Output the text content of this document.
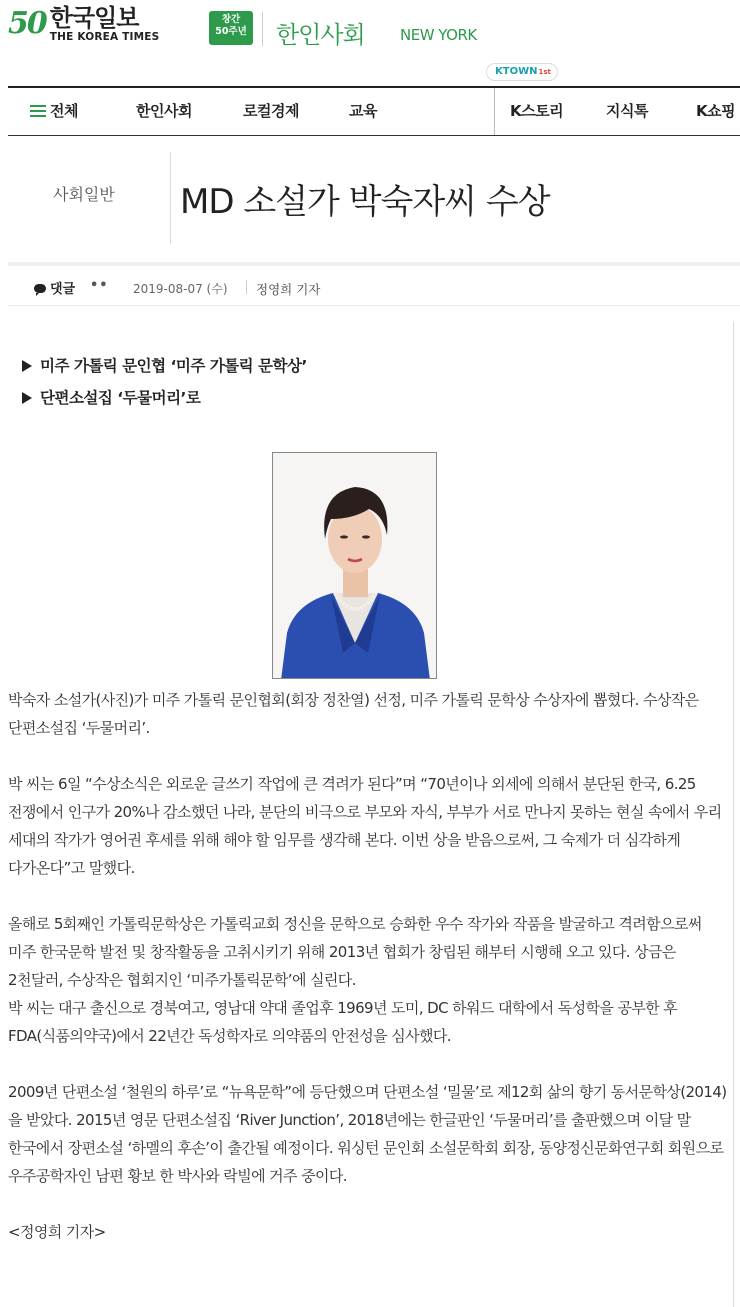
50 한국일보
THE KOREA TIMES
창간
50주년 한인사회 NEW YORK
KTOWN1st
전체	한인사회	로컬경제	교육	K스토리	지식톡	K쇼핑
사회일반 MD 소설가 박숙자씨 수상
댓글 •• 2019-08-07 (수) 정영희 기자
미주 가톨릭 문인협 ‘미주 가톨릭 문학상’
단편소설집 ‘두물머리’로

박숙자 소설가(사진)가 미주 가톨릭 문인협회(회장 정찬열) 선정, 미주 가톨릭 문학상 수상자에 뽑혔다. 수상작은 단편소설집 ‘두물머리’.

박 씨는 6일 “수상소식은 외로운 글쓰기 작업에 큰 격려가 된다”며 “70년이나 외세에 의해서 분단된 한국, 6.25 전쟁에서 인구가 20%나 감소했던 나라, 분단의 비극으로 부모와 자식, 부부가 서로 만나지 못하는 현실 속에서 우리 세대의 작가가 영어권 후세를 위해 해야 할 임무를 생각해 본다. 이번 상을 받음으로써, 그 숙제가 더 심각하게 다가온다”고 말했다.

올해로 5회째인 가톨릭문학상은 가톨릭교회 정신을 문학으로 승화한 우수 작가와 작품을 발굴하고 격려함으로써 미주 한국문학 발전 및 창작활동을 고취시키기 위해 2013년 협회가 창립된 해부터 시행해 오고 있다. 상금은 2천달러, 수상작은 협회지인 ‘미주가톨릭문학’에 실린다.

박 씨는 대구 출신으로 경북여고, 영남대 약대 졸업후 1969년 도미, DC 하워드 대학에서 독성학을 공부한 후 FDA(식품의약국)에서 22년간 독성학자로 의약품의 안전성을 심사했다.

2009년 단편소설 ‘철원의 하루’로 “뉴욕문학”에 등단했으며 단편소설 ‘밀물’로 제12회 삶의 향기 동서문학상(2014)을 받았다. 2015년 영문 단편소설집 ‘River Junction’, 2018년에는 한글판인 ‘두물머리’를 출판했으며 이달 말 한국에서 장편소설 ‘하멜의 후손’이 출간될 예정이다. 워싱턴 문인회 소설문학회 회장, 동양정신문화연구회 회원으로 우주공학자인 남편 황보 한 박사와 락빌에 거주 중이다.

<정영희 기자>
